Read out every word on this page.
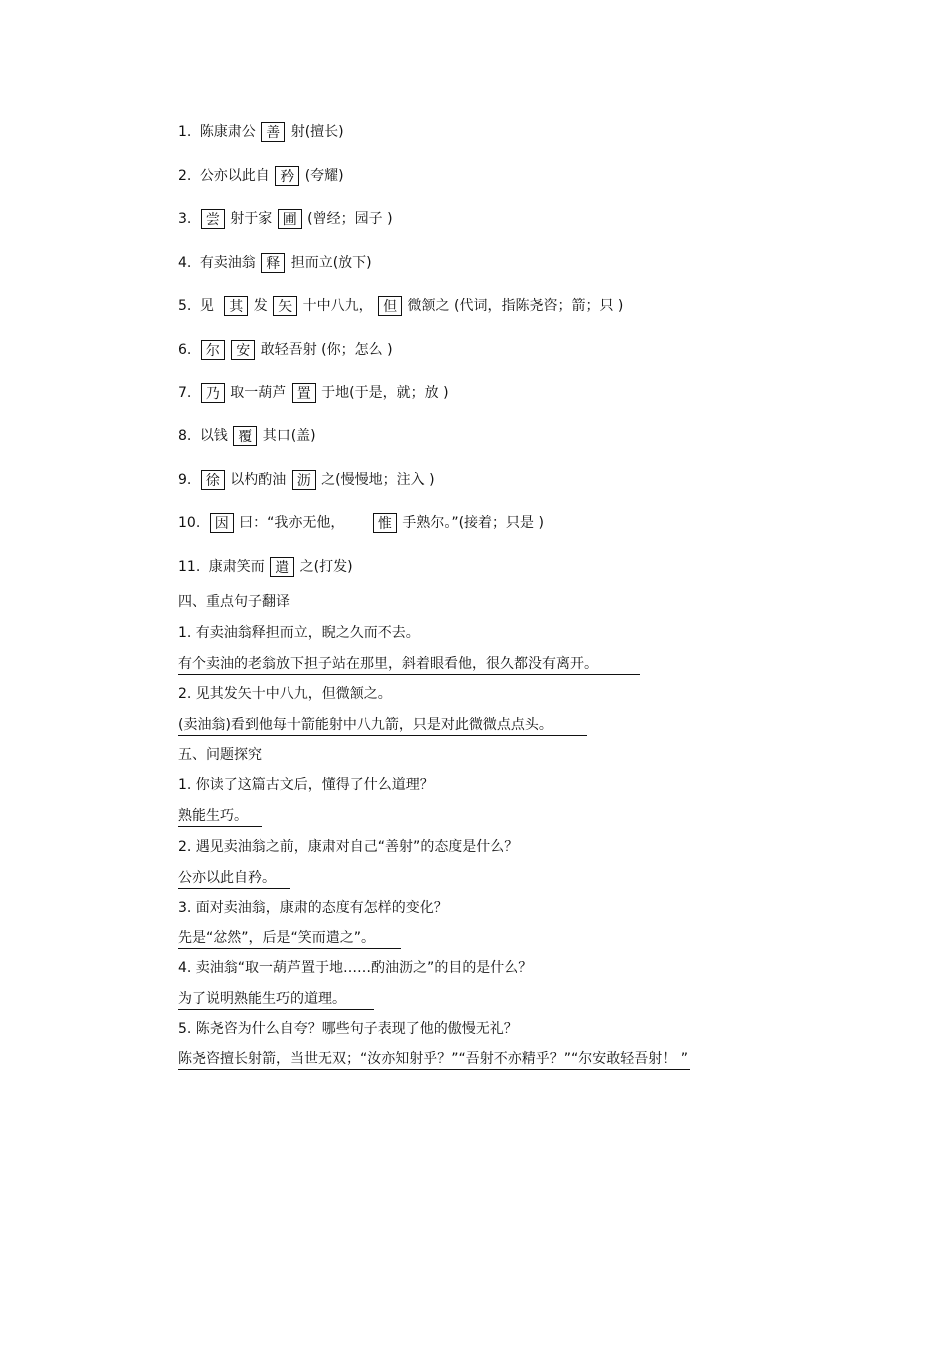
1. 陈康肃公 善 射(擅长)
2. 公亦以此自 矜 (夸耀)
3. 尝 射于家 圃 (曾经；园子 )
4. 有卖油翁 释 担而立(放下)
5. 见 其 发 矢 十中八九， 但 微颔之 (代词，指陈尧咨；箭；只 )
6. 尔 安 敢轻吾射 (你；怎么 )
7. 乃 取一葫芦 置 于地(于是，就；放 )
8. 以钱 覆 其口(盖)
9. 徐 以杓酌油 沥 之(慢慢地；注入 )
10. 因 曰：“我亦无他， 惟 手熟尔。”(接着；只是 )
11. 康肃笑而 遣 之(打发)
四、重点句子翻译
1. 有卖油翁释担而立，睨之久而不去。
有个卖油的老翁放下担子站在那里，斜着眼看他，很久都没有离开。
2. 见其发矢十中八九，但微颔之。
(卖油翁)看到他每十箭能射中八九箭，只是对此微微点点头。
五、问题探究
1. 你读了这篇古文后，懂得了什么道理？
熟能生巧。
2. 遇见卖油翁之前，康肃对自己“善射”的态度是什么？
公亦以此自矜。
3. 面对卖油翁，康肃的态度有怎样的变化？
先是“忿然”，后是“笑而遣之”。
4. 卖油翁“取一葫芦置于地……酌油沥之”的目的是什么？
为了说明熟能生巧的道理。
5. 陈尧咨为什么自夸？哪些句子表现了他的傲慢无礼？
陈尧咨擅长射箭，当世无双；“汝亦知射乎？”“吾射不亦精乎？”“尔安敢轻吾射！ ”
